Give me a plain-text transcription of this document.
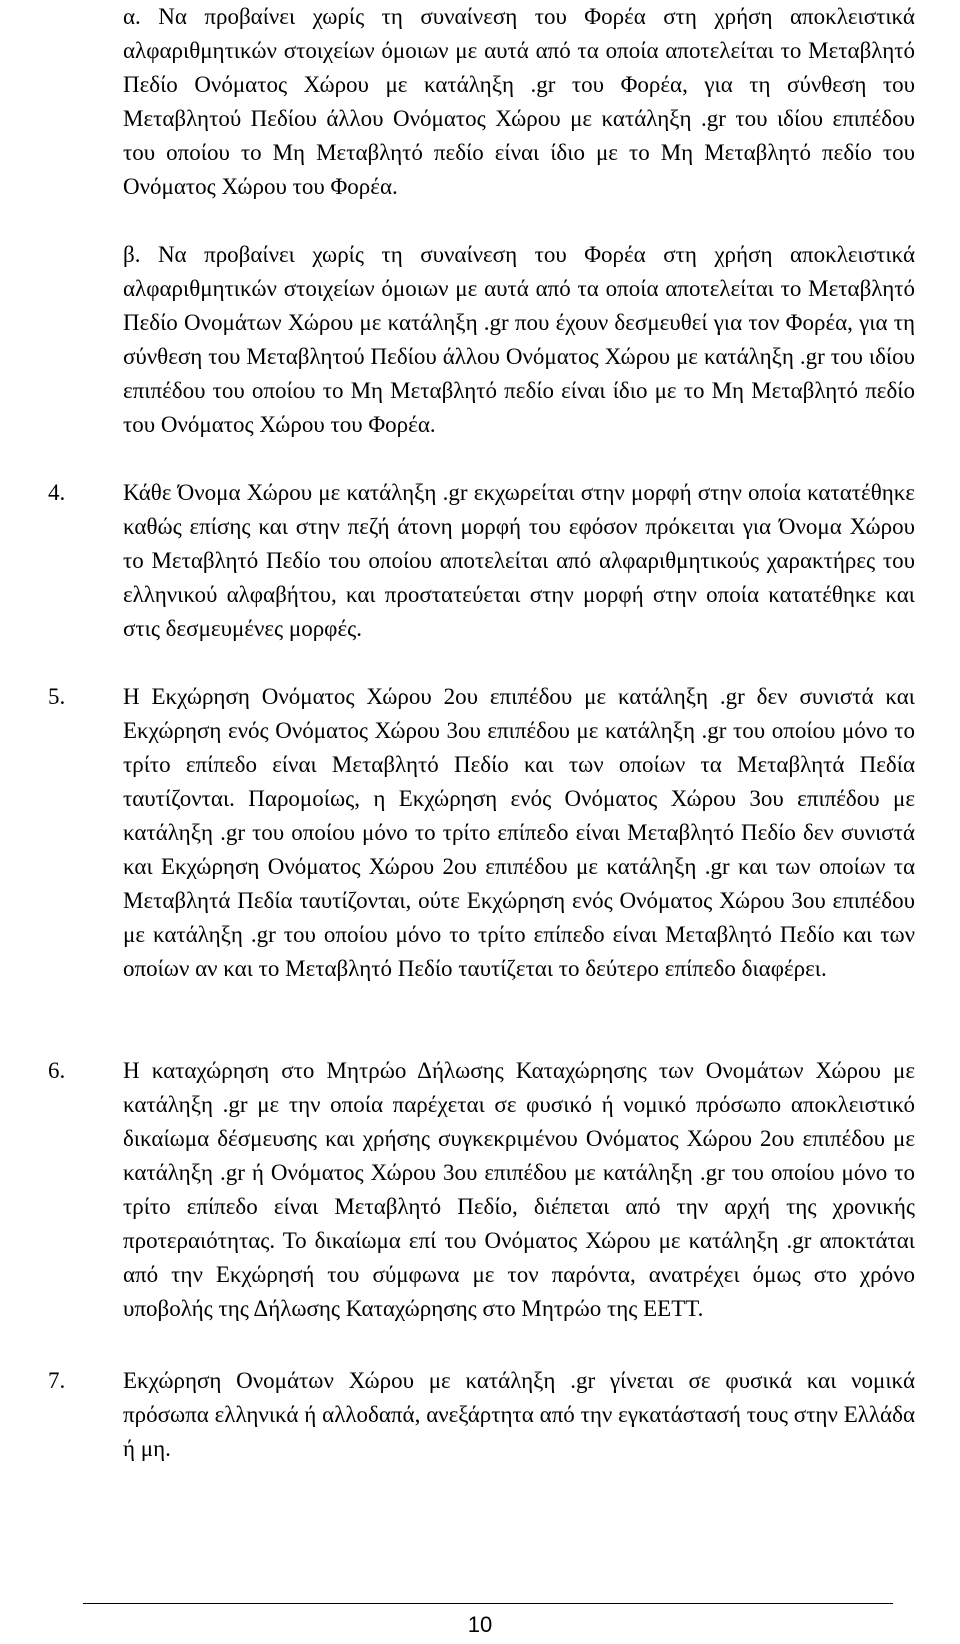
α. Να προβαίνει χωρίς τη συναίνεση του Φορέα στη χρήση αποκλειστικά αλφαριθμητικών στοιχείων όμοιων με αυτά από τα οποία αποτελείται το Μεταβλητό Πεδίο Ονόματος Χώρου με κατάληξη .gr του Φορέα, για τη σύνθεση του Μεταβλητού Πεδίου άλλου Ονόματος Χώρου με κατάληξη .gr του ιδίου επιπέδου του οποίου το Μη Μεταβλητό πεδίο είναι ίδιο με το Μη Μεταβλητό πεδίο του Ονόματος Χώρου του Φορέα.

β. Να προβαίνει χωρίς τη συναίνεση του Φορέα στη χρήση αποκλειστικά αλφαριθμητικών στοιχείων όμοιων με αυτά από τα οποία αποτελείται το Μεταβλητό Πεδίο Ονομάτων Χώρου με κατάληξη .gr που έχουν δεσμευθεί για τον Φορέα, για τη σύνθεση του Μεταβλητού Πεδίου άλλου Ονόματος Χώρου με κατάληξη .gr του ιδίου επιπέδου του οποίου το Μη Μεταβλητό πεδίο είναι ίδιο με το Μη Μεταβλητό πεδίο του Ονόματος Χώρου του Φορέα.

4.	Κάθε Όνομα Χώρου με κατάληξη .gr εκχωρείται στην μορφή στην οποία κατατέθηκε καθώς επίσης και στην πεζή άτονη μορφή του εφόσον πρόκειται για Όνομα Χώρου το Μεταβλητό Πεδίο του οποίου αποτελείται από αλφαριθμητικούς χαρακτήρες του ελληνικού αλφαβήτου, και προστατεύεται στην μορφή στην οποία κατατέθηκε και στις δεσμευμένες μορφές.
5.	Η Εκχώρηση Ονόματος Χώρου 2ου επιπέδου με κατάληξη .gr δεν συνιστά και Εκχώρηση ενός Ονόματος Χώρου 3ου επιπέδου με κατάληξη .gr του οποίου μόνο το τρίτο επίπεδο είναι Μεταβλητό Πεδίο και των οποίων τα Μεταβλητά Πεδία ταυτίζονται. Παρομοίως, η Εκχώρηση ενός Ονόματος Χώρου 3ου επιπέδου με κατάληξη .gr του οποίου μόνο το τρίτο επίπεδο είναι Μεταβλητό Πεδίο δεν συνιστά και Εκχώρηση Ονόματος Χώρου 2ου επιπέδου με κατάληξη .gr και των οποίων τα Μεταβλητά Πεδία ταυτίζονται, ούτε Εκχώρηση ενός Ονόματος Χώρου 3ου επιπέδου με κατάληξη .gr του οποίου μόνο το τρίτο επίπεδο είναι Μεταβλητό Πεδίο και των οποίων αν και το Μεταβλητό Πεδίο ταυτίζεται το δεύτερο επίπεδο διαφέρει.
6.	Η καταχώρηση στο Μητρώο Δήλωσης Καταχώρησης των Ονομάτων Χώρου με κατάληξη .gr με την οποία παρέχεται σε φυσικό ή νομικό πρόσωπο αποκλειστικό δικαίωμα δέσμευσης και χρήσης συγκεκριμένου Ονόματος Χώρου 2ου επιπέδου με κατάληξη .gr ή Ονόματος Χώρου 3ου επιπέδου με κατάληξη .gr του οποίου μόνο το τρίτο επίπεδο είναι Μεταβλητό Πεδίο, διέπεται από την αρχή της χρονικής προτεραιότητας. Το δικαίωμα επί του Ονόματος Χώρου με κατάληξη .gr αποκτάται από την Εκχώρησή του σύμφωνα με τον παρόντα, ανατρέχει όμως στο χρόνο υποβολής της Δήλωσης Καταχώρησης στο Μητρώο της ΕΕΤΤ.
7.	Εκχώρηση Ονομάτων Χώρου με κατάληξη .gr γίνεται σε φυσικά και νομικά πρόσωπα ελληνικά ή αλλοδαπά, ανεξάρτητα από την εγκατάστασή τους στην Ελλάδα ή μη.
10
